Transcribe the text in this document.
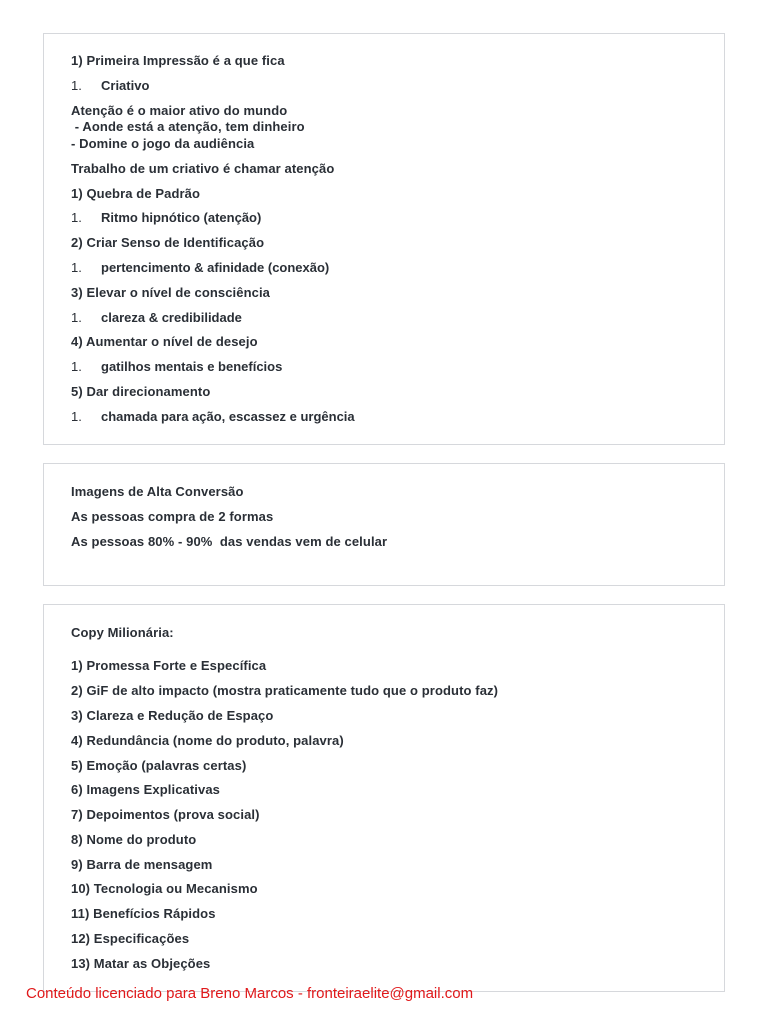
1) Primeira Impressão é a que fica
1. Criativo
Atenção é o maior ativo do mundo
- Aonde está a atenção, tem dinheiro
- Domine o jogo da audiência
Trabalho de um criativo é chamar atenção
1) Quebra de Padrão
1. Ritmo hipnótico (atenção)
2) Criar Senso de Identificação
1. pertencimento & afinidade (conexão)
3) Elevar o nível de consciência
1. clareza & credibilidade
4) Aumentar o nível de desejo
1. gatilhos mentais e benefícios
5) Dar direcionamento
1. chamada para ação, escassez e urgência
Imagens de Alta Conversão
As pessoas compra de 2 formas
As pessoas 80% - 90%  das vendas vem de celular
Copy Milionária:
1) Promessa Forte e Específica
2) GiF de alto impacto (mostra praticamente tudo que o produto faz)
3) Clareza e Redução de Espaço
4) Redundância (nome do produto, palavra)
5) Emoção (palavras certas)
6) Imagens Explicativas
7) Depoimentos (prova social)
8) Nome do produto
9) Barra de mensagem
10) Tecnologia ou Mecanismo
11) Benefícios Rápidos
12) Especificações
13) Matar as Objeções
Conteúdo licenciado para Breno Marcos - fronteiraelite@gmail.com
